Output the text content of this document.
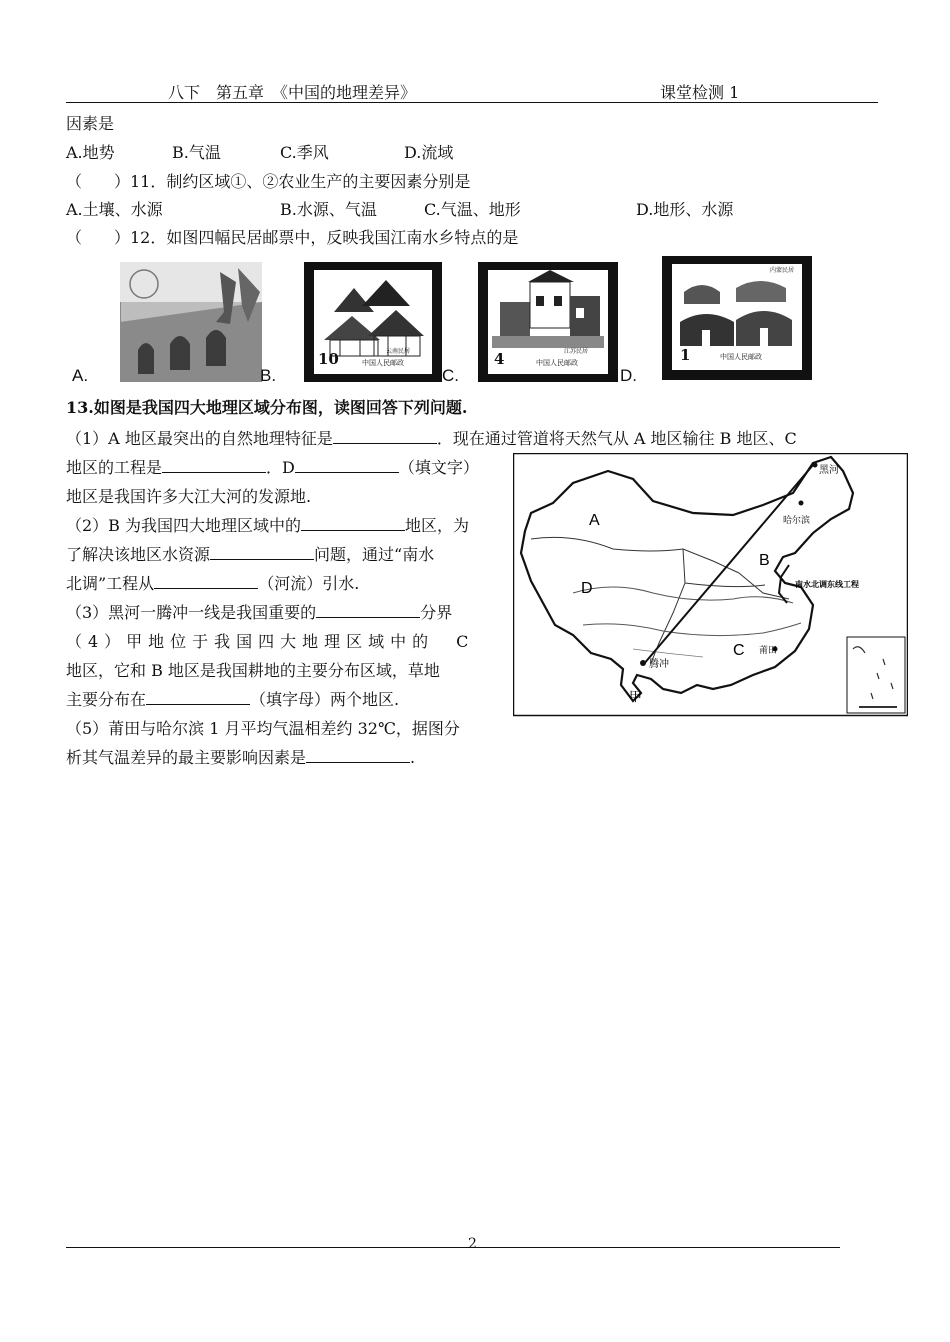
八下　第五章　《中国的地理差异》	课堂检测 1
因素是
A.地势	B.气温	C.季风	D.流域
（　　）11．制约区域①、②农业生产的主要因素分别是
A.土壤、水源	B.水源、气温	C.气温、地形	D.地形、水源
（　　）12．如图四幅民居邮票中，反映我国江南水乡特点的是
A.
10	云南民居
中国人民邮政
B.
4	江苏民居
中国人民邮政
C.
1
内蒙民居
中国人民邮政
D.
13.如图是我国四大地理区域分布图，读图回答下列问题.
（1）A 地区最突出的自然地理特征是	．现在通过管道将天然气从 A 地区输往 B 地区、C
地区的工程是	．D	（填文字）
地区是我国许多大江大河的发源地.
（2）B 为我国四大地理区域中的	地区，为
了解决该地区水资源	问题，通过“南水
北调”工程从	（河流）引水.
（3）黑河一腾冲一线是我国重要的	分界
（4）甲地位于我国四大地理区域中的　C
地区，它和 B 地区是我国耕地的主要分布区域，草地
主要分布在	（填字母）两个地区.
（5）莆田与哈尔滨 1 月平均气温相差约 32℃，据图分
析其气温差异的最主要影响因素是	.
A
B
C
D
黑河
哈尔滨
腾冲
莆田
甲
南水北调东线工程
2
